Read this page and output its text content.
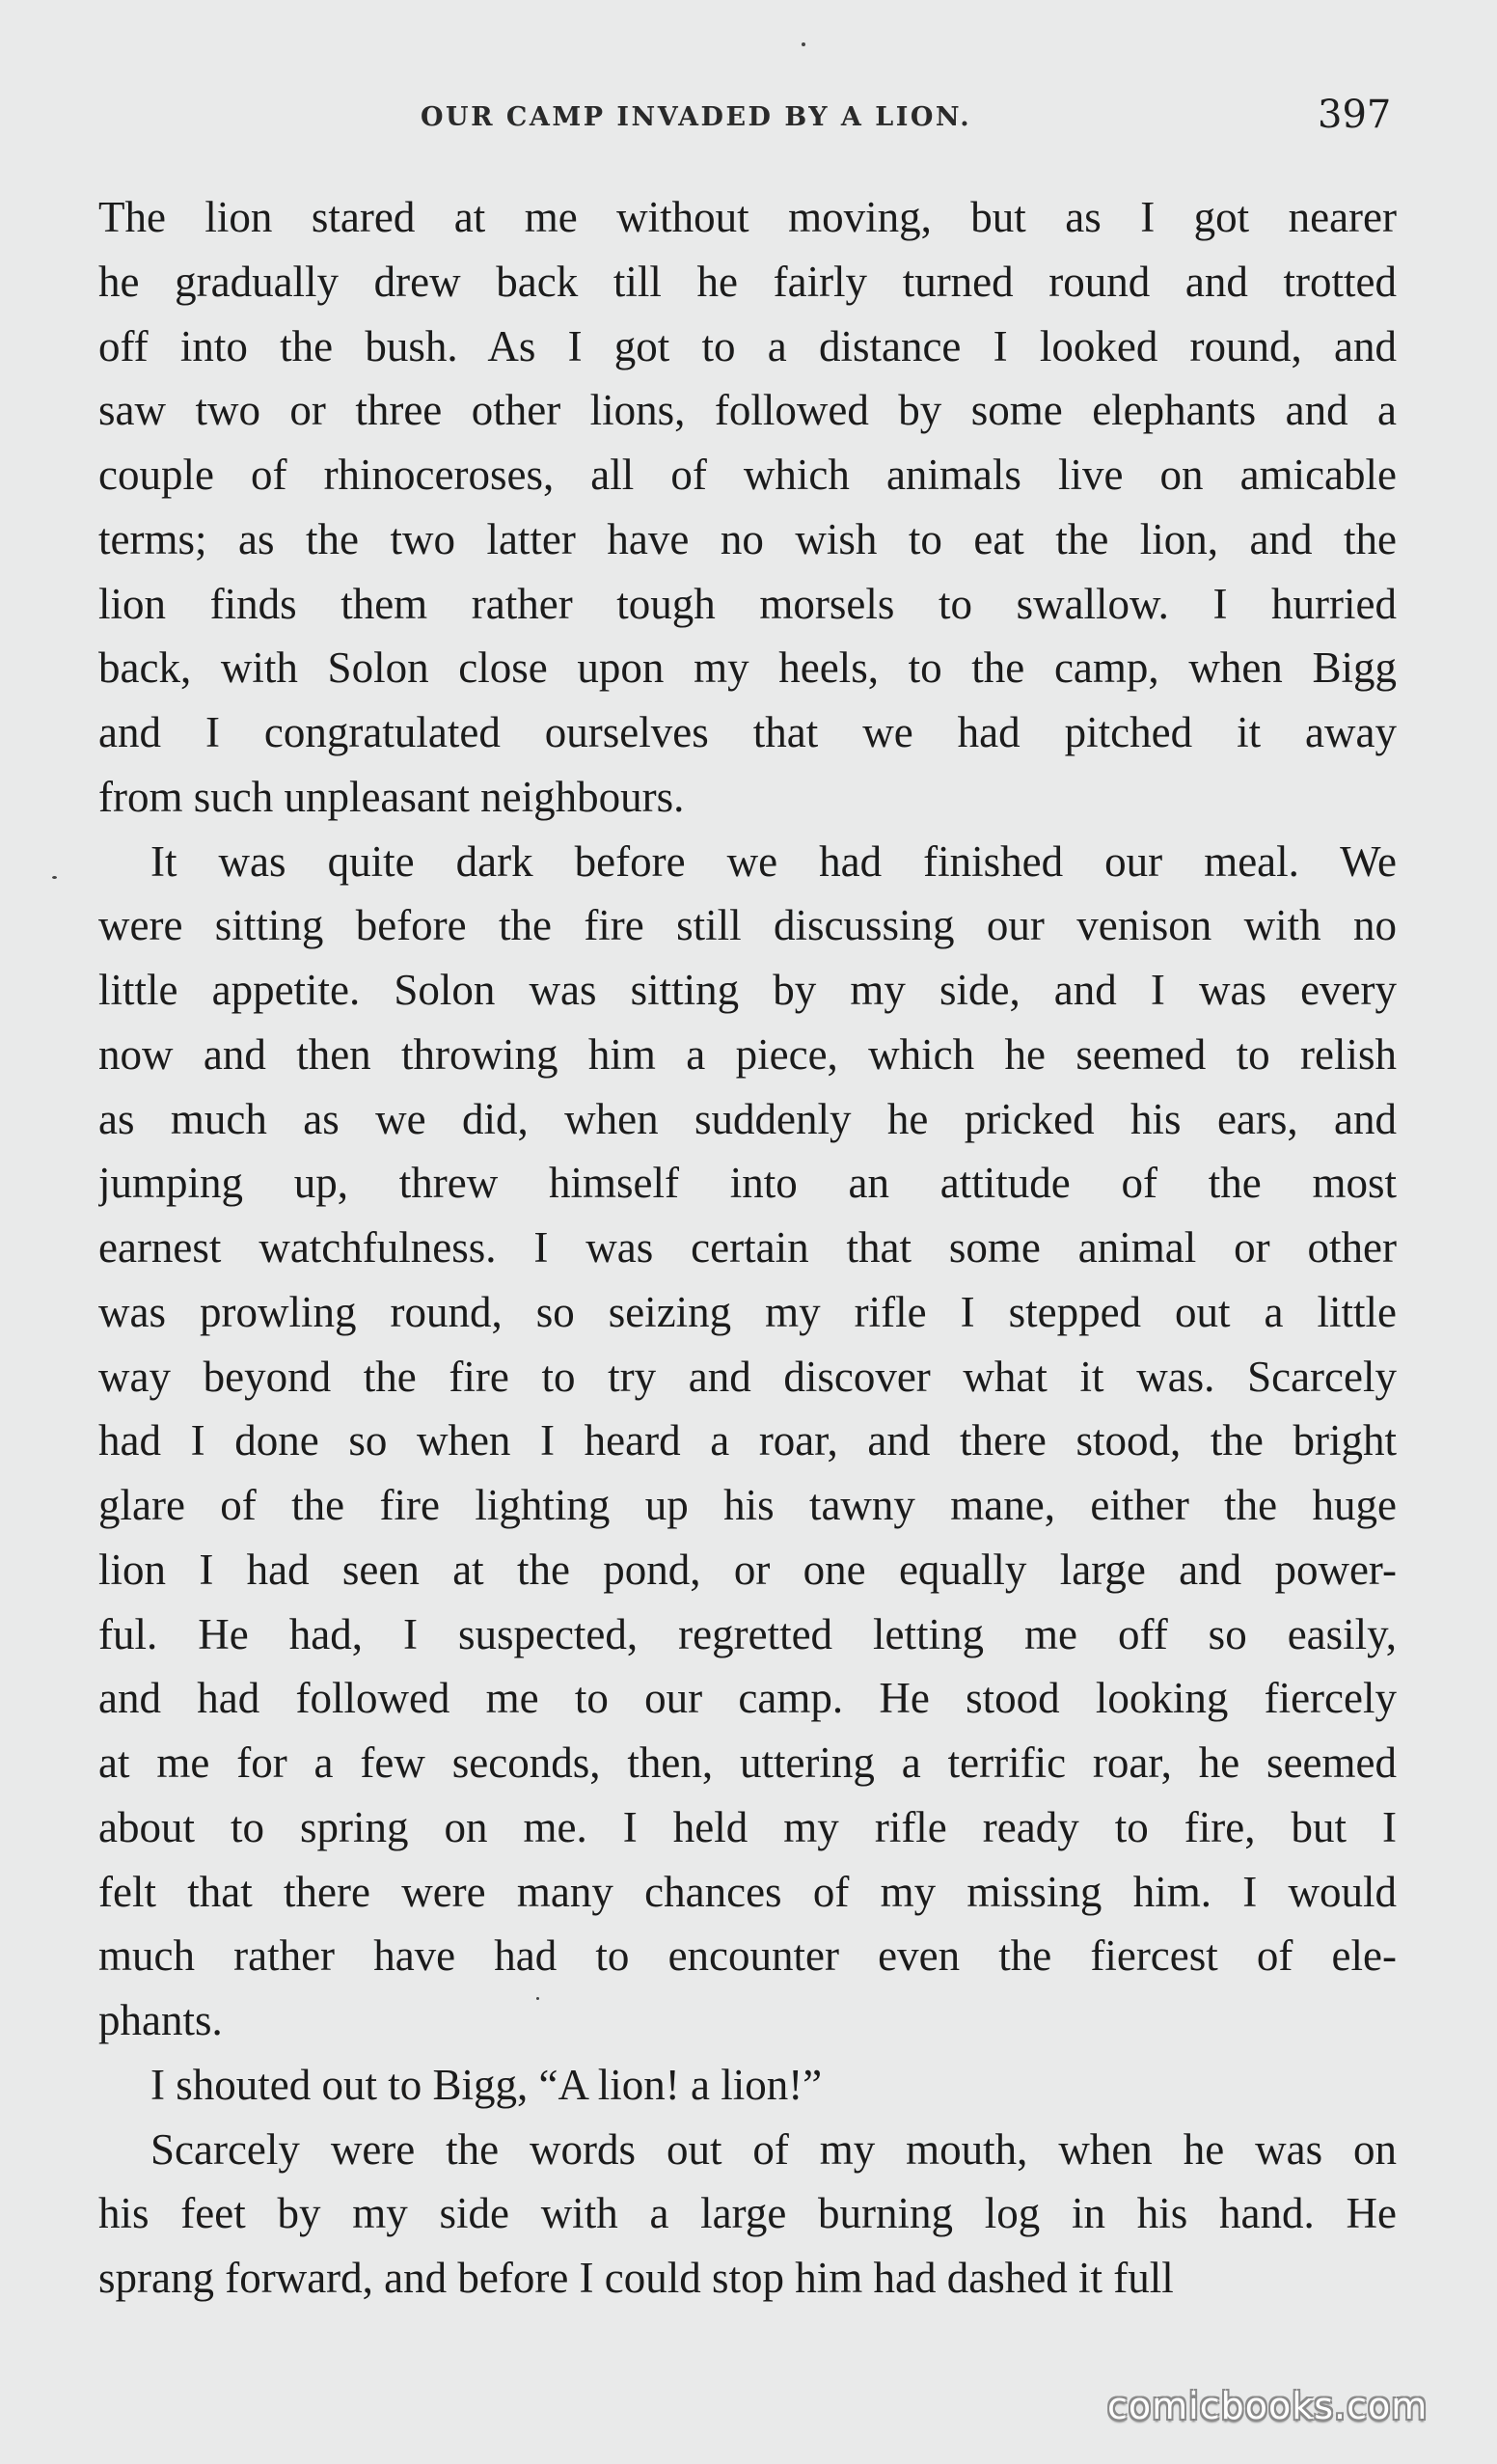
OUR CAMP INVADED BY A LION.	397
The lion stared at me without moving, but as I got nearer
he gradually drew back till he fairly turned round and trotted
off into the bush. As I got to a distance I looked round, and
saw two or three other lions, followed by some elephants and a
couple of rhinoceroses, all of which animals live on amicable
terms; as the two latter have no wish to eat the lion, and the
lion finds them rather tough morsels to swallow. I hurried
back, with Solon close upon my heels, to the camp, when Bigg
and I congratulated ourselves that we had pitched it away
from such unpleasant neighbours.
It was quite dark before we had finished our meal. We
were sitting before the fire still discussing our venison with no
little appetite. Solon was sitting by my side, and I was every
now and then throwing him a piece, which he seemed to relish
as much as we did, when suddenly he pricked his ears, and
jumping up, threw himself into an attitude of the most
earnest watchfulness. I was certain that some animal or other
was prowling round, so seizing my rifle I stepped out a little
way beyond the fire to try and discover what it was. Scarcely
had I done so when I heard a roar, and there stood, the bright
glare of the fire lighting up his tawny mane, either the huge
lion I had seen at the pond, or one equally large and power-
ful. He had, I suspected, regretted letting me off so easily,
and had followed me to our camp. He stood looking fiercely
at me for a few seconds, then, uttering a terrific roar, he seemed
about to spring on me. I held my rifle ready to fire, but I
felt that there were many chances of my missing him. I would
much rather have had to encounter even the fiercest of ele-
phants.
I shouted out to Bigg, “A lion! a lion!”
Scarcely were the words out of my mouth, when he was on
his feet by my side with a large burning log in his hand. He
sprang forward, and before I could stop him had dashed it full
comicbooks.com
